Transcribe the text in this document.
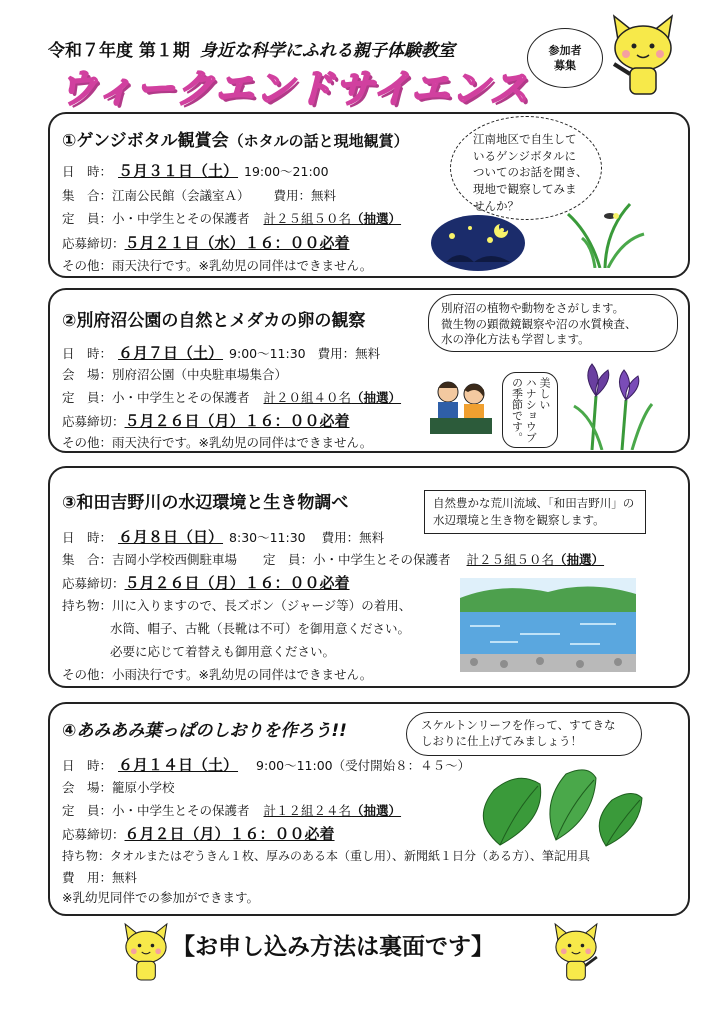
令和７年度 第１期 身近な科学にふれる親子体験教室
ウィークエンドサイエンス
参加者
募集
①ゲンジボタル観賞会（ホタルの話と現地観賞）
日　時： ５月３１日（土） 19:00～21:00
集　合：江南公民館（会議室Ａ） 費用：無料
定　員：小・中学生とその保護者 計２５組５０名（抽選）
応募締切：５月２１日（水）１６：００必着
その他：雨天決行です。※乳幼児の同伴はできません。
江南地区で自生して
いるゲンジボタルに
ついてのお話を聞き、
現地で観察してみま
せんか？
②別府沼公園の自然とメダカの卵の観察
日　時： ６月７日（土） 9:00～11:30 費用：無料
会　場：別府沼公園（中央駐車場集合）
定　員：小・中学生とその保護者 計２０組４０名（抽選）
応募締切：５月２６日（月）１６：００必着
その他：雨天決行です。※乳幼児の同伴はできません。
別府沼の植物や動物をさがします。
微生物の顕微鏡観察や沼の水質検査、
水の浄化方法も学習します。
美しい
ハナショウブ
の季節です。
③和田吉野川の水辺環境と生き物調べ
日　時： ６月８日（日） 8:30～11:30 費用：無料
集　合：吉岡小学校西側駐車場 定　員：小・中学生とその保護者 計２５組５０名（抽選）
応募締切：５月２６日（月）１６：００必着
持ち物：川に入りますので、長ズボン（ジャージ等）の着用、
水筒、帽子、古靴（長靴は不可）を御用意ください。
必要に応じて着替えも御用意ください。
その他：小雨決行です。※乳幼児の同伴はできません。
自然豊かな荒川流域、「和田吉野川」の
水辺環境と生き物を観察します。
④あみあみ葉っぱのしおりを作ろう!!
日　時： ６月１４日（土） 9:00～11:00（受付開始８：４５～）
会　場：籠原小学校
定　員：小・中学生とその保護者 計１２組２４名（抽選）
応募締切：６月２日（月）１６：００必着
持ち物：タオルまたはぞうきん１枚、厚みのある本（重し用）、新聞紙１日分（ある方）、筆記用具
費　用：無料
※乳幼児同伴での参加ができます。
スケルトンリーフを作って、すてきな
しおりに仕上げてみましょう！
【お申し込み方法は裏面です】
